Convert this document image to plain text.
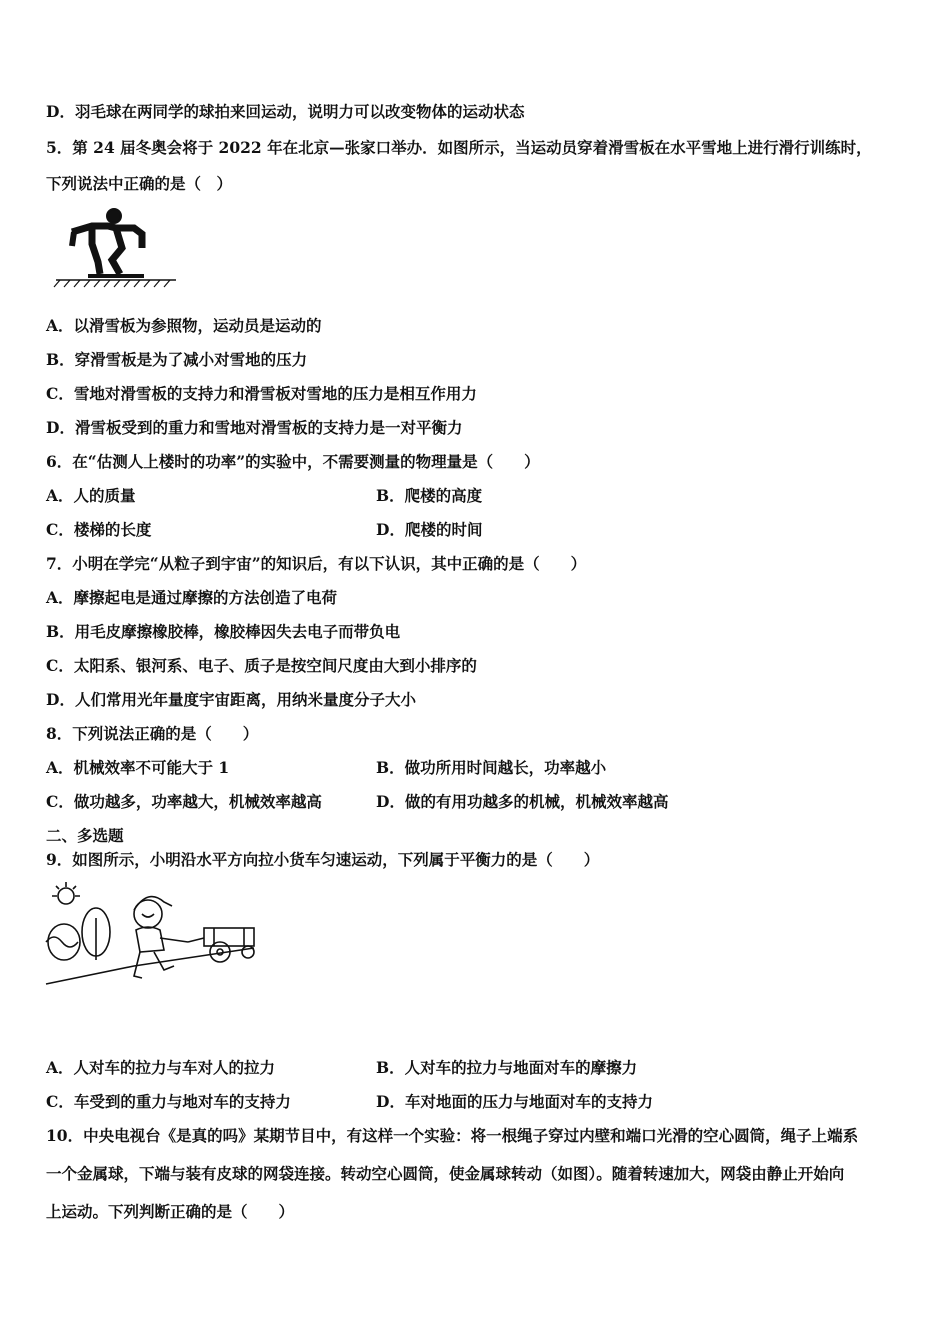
D．羽毛球在两同学的球拍来回运动，说明力可以改变物体的运动状态
5．第 24 届冬奥会将于 2022 年在北京—张家口举办．如图所示，当运动员穿着滑雪板在水平雪地上进行滑行训练时，
下列说法中正确的是（　）
A．以滑雪板为参照物，运动员是运动的
B．穿滑雪板是为了减小对雪地的压力
C．雪地对滑雪板的支持力和滑雪板对雪地的压力是相互作用力
D．滑雪板受到的重力和雪地对滑雪板的支持力是一对平衡力
6．在“估测人上楼时的功率”的实验中，不需要测量的物理量是（　　）
A．人的质量	B．爬楼的高度
C．楼梯的长度	D．爬楼的时间
7．小明在学完“从粒子到宇宙”的知识后，有以下认识，其中正确的是（　　）
A．摩擦起电是通过摩擦的方法创造了电荷
B．用毛皮摩擦橡胶棒，橡胶棒因失去电子而带负电
C．太阳系、银河系、电子、质子是按空间尺度由大到小排序的
D．人们常用光年量度宇宙距离，用纳米量度分子大小
8．下列说法正确的是（　　）
A．机械效率不可能大于 1	B．做功所用时间越长，功率越小
C．做功越多，功率越大，机械效率越高	D．做的有用功越多的机械，机械效率越高
二、多选题
9．如图所示，小明沿水平方向拉小货车匀速运动，下列属于平衡力的是（　　）
A．人对车的拉力与车对人的拉力	B．人对车的拉力与地面对车的摩擦力
C．车受到的重力与地对车的支持力	D．车对地面的压力与地面对车的支持力
10．中央电视台《是真的吗》某期节目中，有这样一个实验：将一根绳子穿过内壁和端口光滑的空心圆筒，绳子上端系
一个金属球，下端与装有皮球的网袋连接。转动空心圆筒，使金属球转动（如图）。随着转速加大，网袋由静止开始向
上运动。下列判断正确的是（　　）
